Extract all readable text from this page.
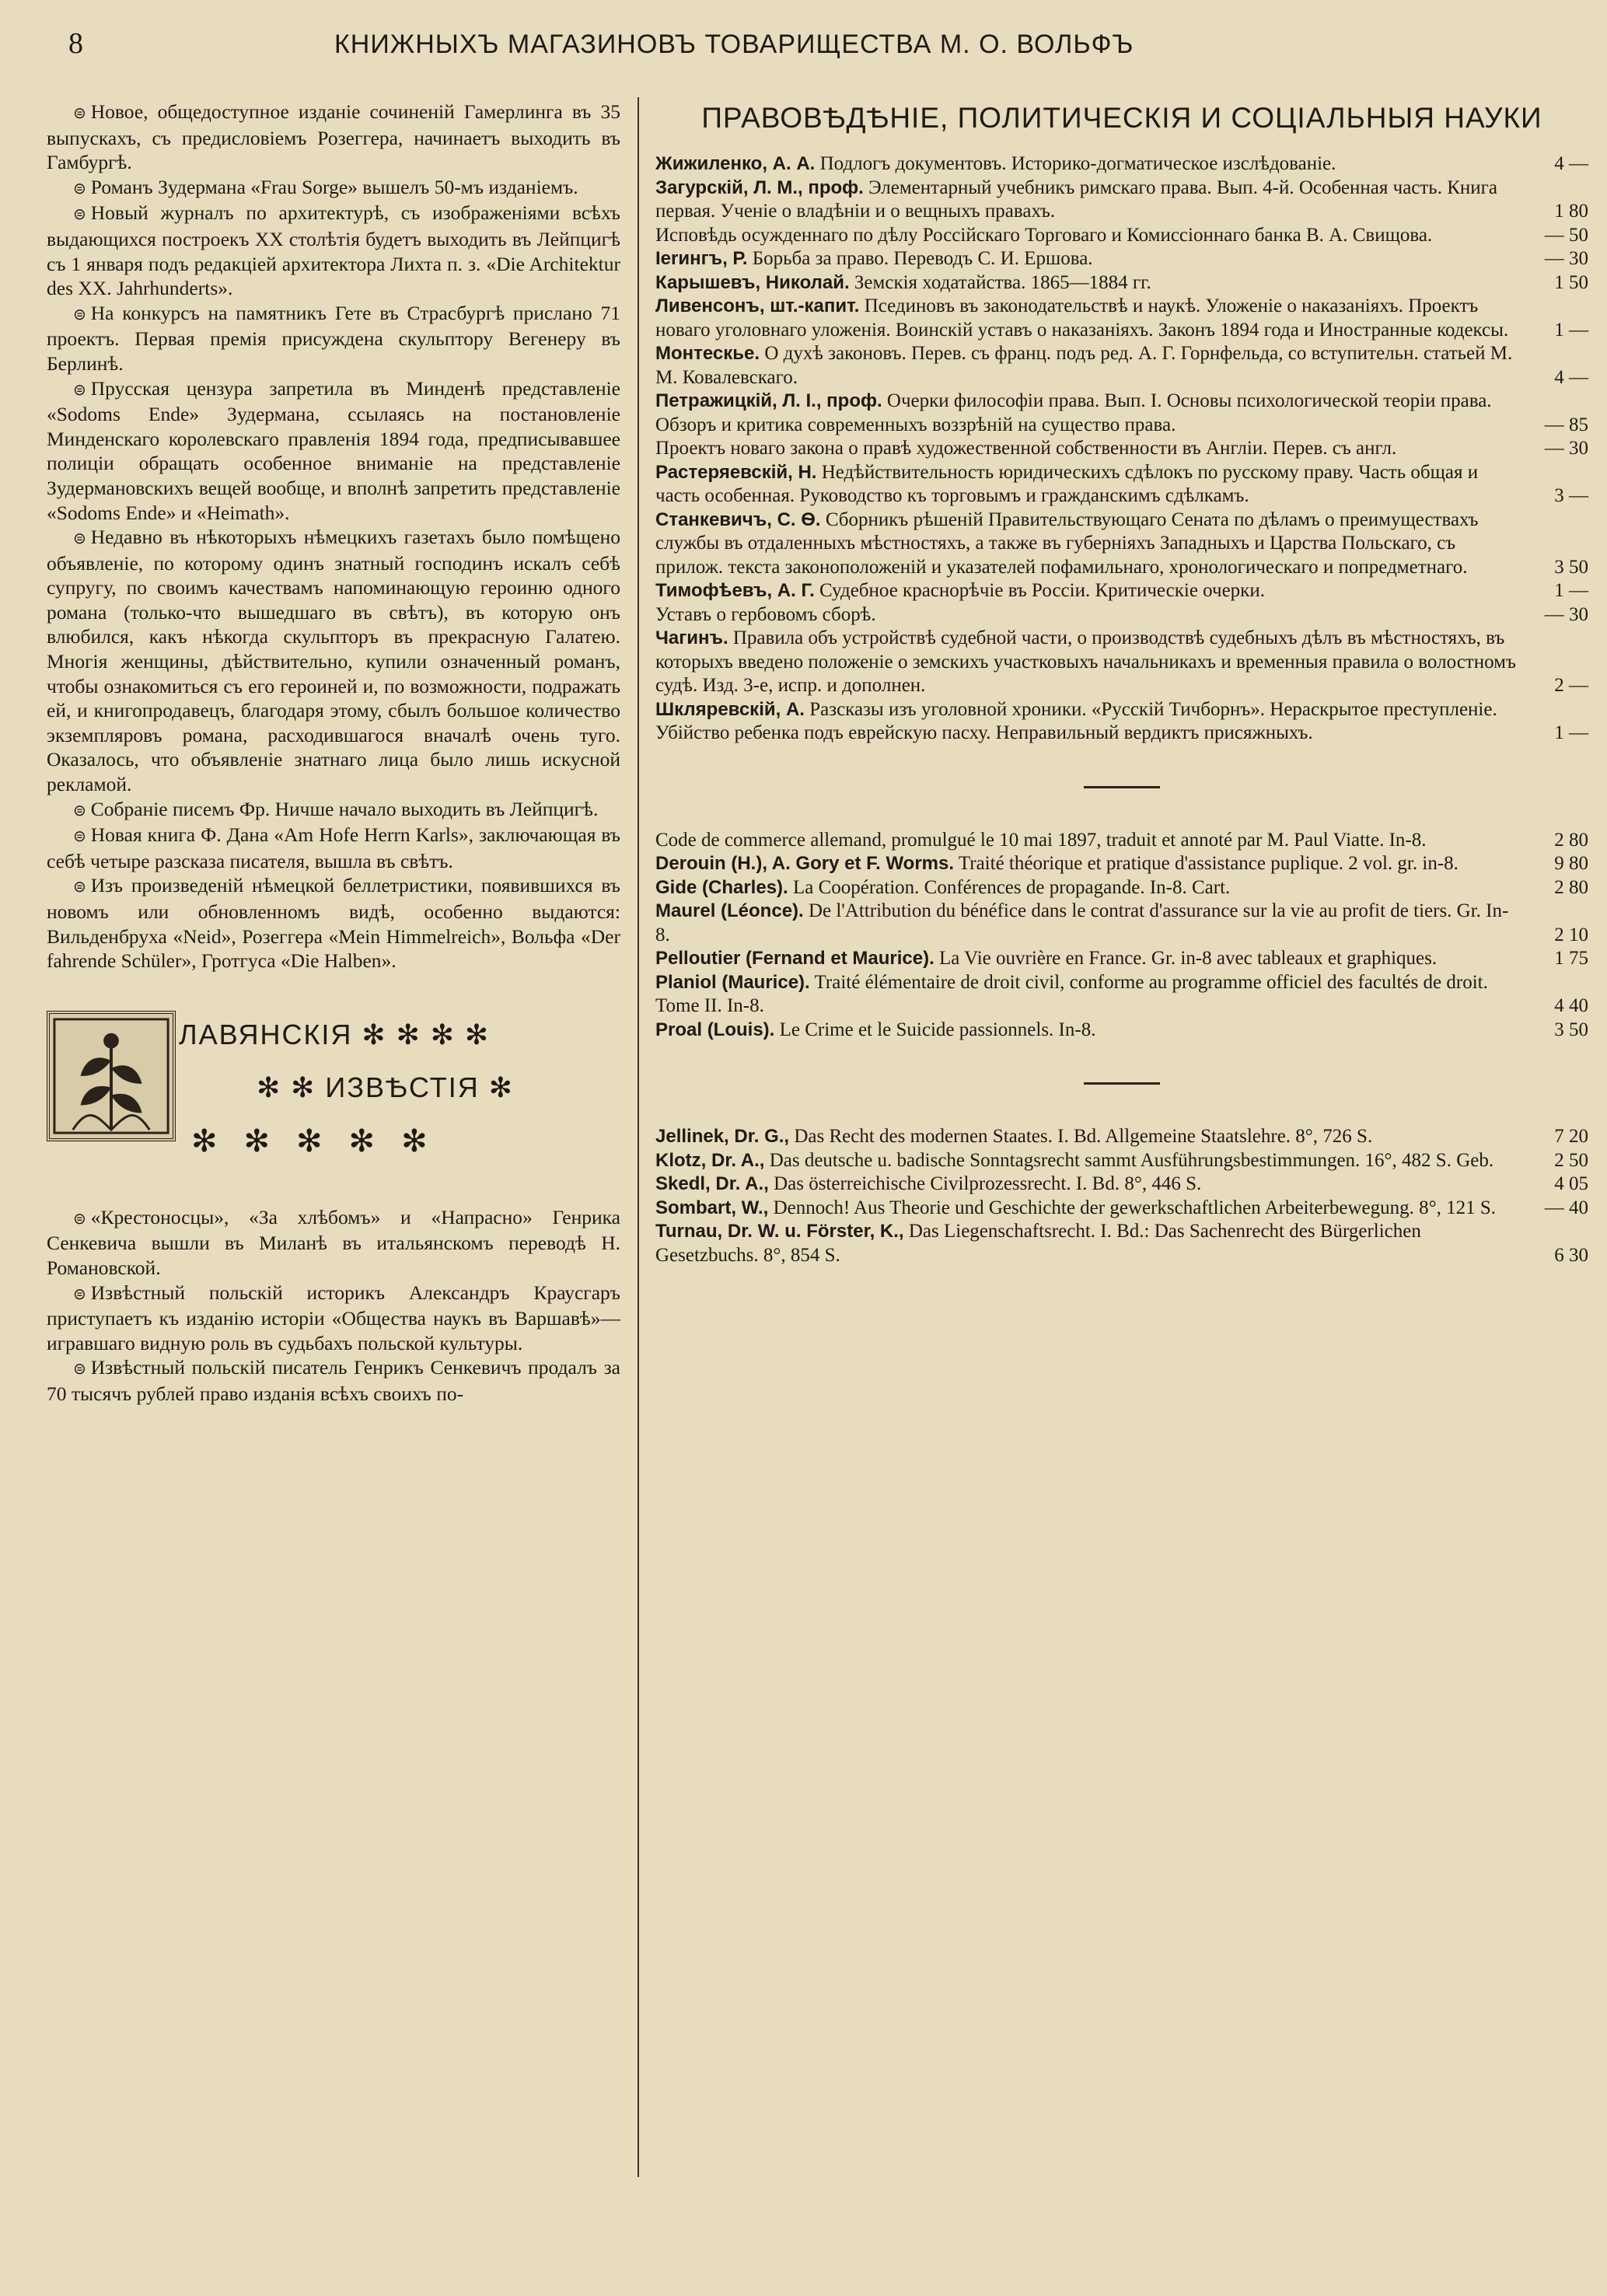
8	КНИЖНЫХЪ МАГАЗИНОВЪ ТОВАРИЩЕСТВА М. О. ВОЛЬФЪ

⊜ Новое, общедоступное изданіе сочиненій Гамерлинга въ 35 выпускахъ, съ предисловіемъ Розеггера, начинаетъ выходить въ Гамбургѣ.

⊜ Романъ Зудермана «Frau Sorge» вышелъ 50-мъ изданіемъ.

⊜ Новый журналъ по архитектурѣ, съ изображеніями всѣхъ выдающихся построекъ XX столѣтія будетъ выходить въ Лейпцигѣ съ 1 января подъ редакціей архитектора Лихта п. з. «Die Architektur des XX. Jahrhunderts».

⊜ На конкурсъ на памятникъ Гете въ Страсбургѣ прислано 71 проектъ. Первая премія присуждена скульптору Вегенеру въ Берлинѣ.

⊜ Прусская цензура запретила въ Минденѣ представленіе «Sodoms Ende» Зудермана, ссылаясь на постановленіе Минденскаго королевскаго правленія 1894 года, предписывавшее полиціи обращать особенное вниманіе на представленіе Зудермановскихъ вещей вообще, и вполнѣ запретить представленіе «Sodoms Ende» и «Heimath».

⊜ Недавно въ нѣкоторыхъ нѣмецкихъ газетахъ было помѣщено объявленіе, по которому одинъ знатный господинъ искалъ себѣ супругу, по своимъ качествамъ напоминающую героиню одного романа (только-что вышедшаго въ свѣтъ), въ которую онъ влюбился, какъ нѣкогда скульпторъ въ прекрасную Галатею. Многія женщины, дѣйствительно, купили означенный романъ, чтобы ознакомиться съ его героиней и, по возможности, подражать ей, и книгопродавецъ, благодаря этому, сбылъ большое количество экземпляровъ романа, расходившагося вначалѣ очень туго. Оказалось, что объявленіе знатнаго лица было лишь искусной рекламой.

⊜ Собраніе писемъ Фр. Ничше начало выходить въ Лейпцигѣ.

⊜ Новая книга Ф. Дана «Am Hofe Herrn Karls», заключающая въ себѣ четыре разсказа писателя, вышла въ свѣтъ.

⊜ Изъ произведеній нѣмецкой беллетристики, появившихся въ новомъ или обновленномъ видѣ, особенно выдаются: Вильденбруха «Neid», Розеггера «Mein Himmelreich», Вольфа «Der fahrende Schüler», Гротгуса «Die Halben».

ЛАВЯНСКІЯ ✻ ✻ ✻ ✻
✻ ✻ ИЗВѢСТІЯ ✻
✻✻✻✻✻

⊜ «Крестоносцы», «За хлѣбомъ» и «Напрасно» Генрика Сенкевича вышли въ Миланѣ въ итальянскомъ переводѣ Н. Романовской.

⊜ Извѣстный польскій историкъ Александръ Краусгаръ приступаетъ къ изданію исторіи «Общества наукъ въ Варшавѣ»—игравшаго видную роль въ судьбахъ польской культуры.

⊜ Извѣстный польскій писатель Генрикъ Сенкевичъ продалъ за 70 тысячъ рублей право изданія всѣхъ своихъ по-

ПРАВОВѢДѢНІЕ, ПОЛИТИЧЕСКІЯ И СОЦІАЛЬНЫЯ НАУКИ

Жижиленко, А. А. Подлогъ документовъ. Историко-догматическое изслѣдованіе.	4 —

Загурскій, Л. М., проф. Элементарный учебникъ римскаго права. Вып. 4-й. Особенная часть. Книга первая. Ученіе о владѣніи и о вещныхъ правахъ.	1 80

Исповѣдь осужденнаго по дѣлу Россійскаго Торговаго и Комиссіоннаго банка В. А. Свищова.	— 50

Ierингъ, Р. Борьба за право. Переводъ С. И. Ершова.	— 30

Карышевъ, Николай. Земскія ходатайства. 1865—1884 гг.	1 50

Ливенсонъ, шт.-капит. Псединовъ въ законодательствѣ и наукѣ. Уложеніе о наказаніяхъ. Проектъ новаго уголовнаго уложенія. Воинскій уставъ о наказаніяхъ. Законъ 1894 года и Иностранные кодексы.	1 —

Монтескье. О духѣ законовъ. Перев. съ франц. подъ ред. А. Г. Горнфельда, со вступительн. статьей М. М. Ковалевскаго.	4 —

Петражицкій, Л. I., проф. Очерки философіи права. Вып. I. Основы психологической теоріи права. Обзоръ и критика современныхъ воззрѣній на существо права.	— 85

Проектъ новаго закона о правѣ художественной собственности въ Англіи. Перев. съ англ.	— 30

Растеряевскій, Н. Недѣйствительность юридическихъ сдѣлокъ по русскому праву. Часть общая и часть особенная. Руководство къ торговымъ и гражданскимъ сдѣлкамъ.	3 —

Станкевичъ, С. Ѳ. Сборникъ рѣшеній Правительствующаго Сената по дѣламъ о преимуществахъ службы въ отдаленныхъ мѣстностяхъ, а также въ губерніяхъ Западныхъ и Царства Польскаго, съ прилож. текста законоположеній и указателей пофамильнаго, хронологическаго и попредметнаго.	3 50

Тимофѣевъ, А. Г. Судебное краснорѣчіе въ Россіи. Критическіе очерки.	1 —

Уставъ о гербовомъ сборѣ.	— 30

Чагинъ. Правила объ устройствѣ судебной части, о производствѣ судебныхъ дѣлъ въ мѣстностяхъ, въ которыхъ введено положеніе о земскихъ участковыхъ начальникахъ и временныя правила о волостномъ судѣ. Изд. 3-е, испр. и дополнен.	2 —

Шкляревскій, А. Разсказы изъ уголовной хроники. «Русскій Тичборнъ». Нераскрытое преступленіе. Убійство ребенка подъ еврейскую пасху. Неправильный вердиктъ присяжныхъ.	1 —

Code de commerce allemand, promulgué le 10 mai 1897, traduit et annoté par M. Paul Viatte. In-8.	2 80

Derouin (H.), A. Gory et F. Worms. Traité théorique et pratique d'assistance puplique. 2 vol. gr. in-8.	9 80

Gide (Charles). La Coopération. Conférences de propagande. In-8. Cart.	2 80

Maurel (Léonce). De l'Attribution du bénéfice dans le contrat d'assurance sur la vie au profit de tiers. Gr. In-8.	2 10

Pelloutier (Fernand et Maurice). La Vie ouvrière en France. Gr. in-8 avec tableaux et graphiques.	1 75

Planiol (Maurice). Traité élémentaire de droit civil, conforme au programme officiel des facultés de droit. Tome II. In-8.	4 40

Proal (Louis). Le Crime et le Suicide passionnels. In-8.	3 50

Jellinek, Dr. G., Das Recht des modernen Staates. I. Bd. Allgemeine Staatslehre. 8°, 726 S.	7 20

Klotz, Dr. A., Das deutsche u. badische Sonntagsrecht sammt Ausführungsbestimmungen. 16°, 482 S. Geb.	2 50

Skedl, Dr. A., Das österreichische Civilprozessrecht. I. Bd. 8°, 446 S.	4 05

Sombart, W., Dennoch! Aus Theorie und Geschichte der gewerkschaftlichen Arbeiterbewegung. 8°, 121 S.	— 40

Turnau, Dr. W. u. Förster, K., Das Liegenschaftsrecht. I. Bd.: Das Sachenrecht des Bürgerlichen Gesetzbuchs. 8°, 854 S.	6 30
